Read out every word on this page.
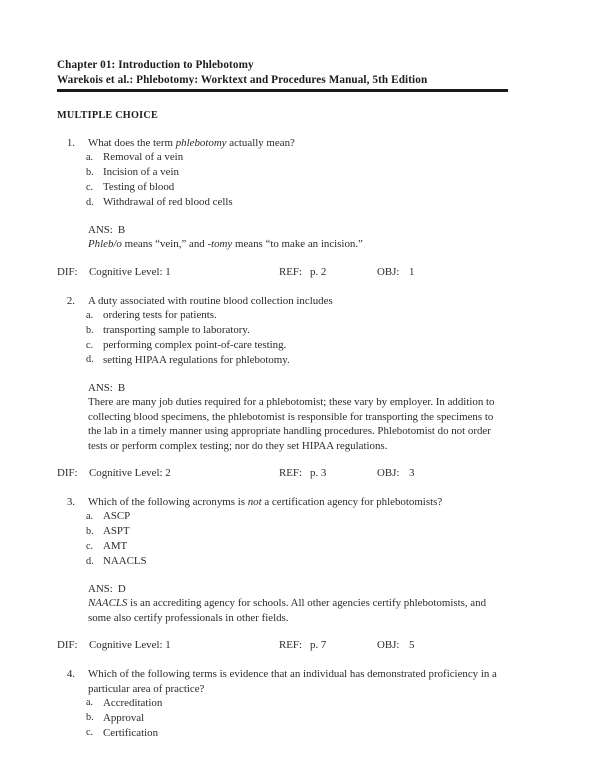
Chapter 01: Introduction to Phlebotomy
Warekois et al.: Phlebotomy: Worktext and Procedures Manual, 5th Edition
MULTIPLE CHOICE
1.	What does the term phlebotomy actually mean?
a. Removal of a vein
b. Incision of a vein
c. Testing of blood
d. Withdrawal of red blood cells
ANS: B
Phleb/o means “vein,” and -tomy means “to make an incision.”
DIF: Cognitive Level: 1	REF: p. 2	OBJ: 1
2.	A duty associated with routine blood collection includes
a. ordering tests for patients.
b. transporting sample to laboratory.
c. performing complex point-of-care testing.
d. setting HIPAA regulations for phlebotomy.
ANS: B
There are many job duties required for a phlebotomist; these vary by employer. In addition to collecting blood specimens, the phlebotomist is responsible for transporting the specimens to the lab in a timely manner using appropriate handling procedures. Phlebotomist do not order tests or perform complex testing; nor do they set HIPAA regulations.
DIF: Cognitive Level: 2	REF: p. 3	OBJ: 3
3.	Which of the following acronyms is not a certification agency for phlebotomists?
a. ASCP
b. ASPT
c. AMT
d. NAACLS
ANS: D
NAACLS is an accrediting agency for schools. All other agencies certify phlebotomists, and some also certify professionals in other fields.
DIF: Cognitive Level: 1	REF: p. 7	OBJ: 5
4.	Which of the following terms is evidence that an individual has demonstrated proficiency in a particular area of practice?
a. Accreditation
b. Approval
c. Certification
